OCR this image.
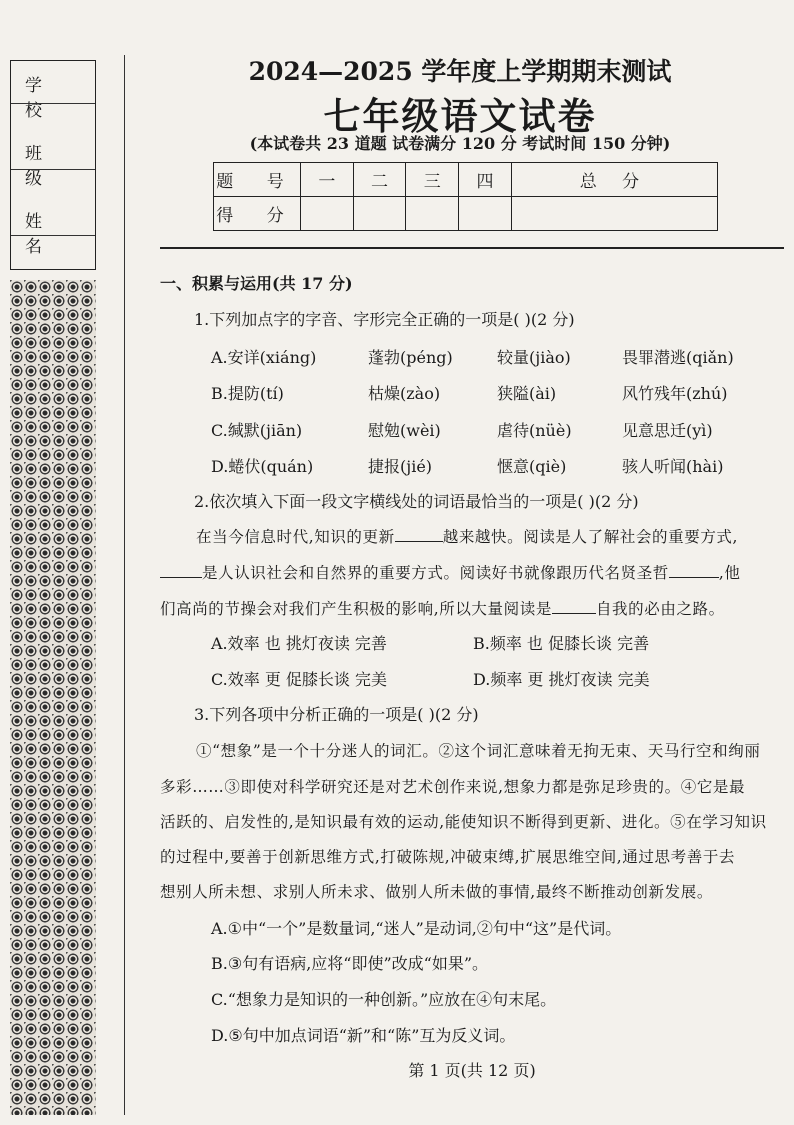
学 校
班 级
姓 名
2024—2025 学年度上学期期末测试
七年级语文试卷
(本试卷共 23 道题 试卷满分 120 分 考试时间 150 分钟)
题 号	一	二	三	四	总 分
得 分					
一、积累与运用(共 17 分)
1.下列加点字的字音、字形完全正确的一项是( )(2 分)
A.安详(xiáng)	蓬勃(péng)	较量(jiào)	畏罪潜逃(qiǎn)
B.提防(tí)	枯燥(zào)	狭隘(ài)	风竹残年(zhú)
C.缄默(jiān)	慰勉(wèi)	虐待(nüè)	见意思迁(yì)
D.蜷伏(quán)	捷报(jié)	惬意(qiè)	骇人听闻(hài)
2.依次填入下面一段文字横线处的词语最恰当的一项是( )(2 分)
在当今信息时代,知识的更新	越来越快。阅读是人了解社会的重要方式,
是人认识社会和自然界的重要方式。阅读好书就像跟历代名贤圣哲	,他
们高尚的节操会对我们产生积极的影响,所以大量阅读是	自我的必由之路。
A.效率 也 挑灯夜读 完善	B.频率 也 促膝长谈 完善
C.效率 更 促膝长谈 完美	D.频率 更 挑灯夜读 完美
3.下列各项中分析正确的一项是( )(2 分)
①“想象”是一个十分迷人的词汇。②这个词汇意味着无拘无束、天马行空和绚丽
多彩……③即使对科学研究还是对艺术创作来说,想象力都是弥足珍贵的。④它是最
活跃的、启发性的,是知识最有效的运动,能使知识不断得到更新、进化。⑤在学习知识
的过程中,要善于创新思维方式,打破陈规,冲破束缚,扩展思维空间,通过思考善于去
想别人所未想、求别人所未求、做别人所未做的事情,最终不断推动创新发展。
A.①中“一个”是数量词,“迷人”是动词,②句中“这”是代词。
B.③句有语病,应将“即使”改成“如果”。
C.“想象力是知识的一种创新。”应放在④句末尾。
D.⑤句中加点词语“新”和“陈”互为反义词。
第 1 页(共 12 页)
